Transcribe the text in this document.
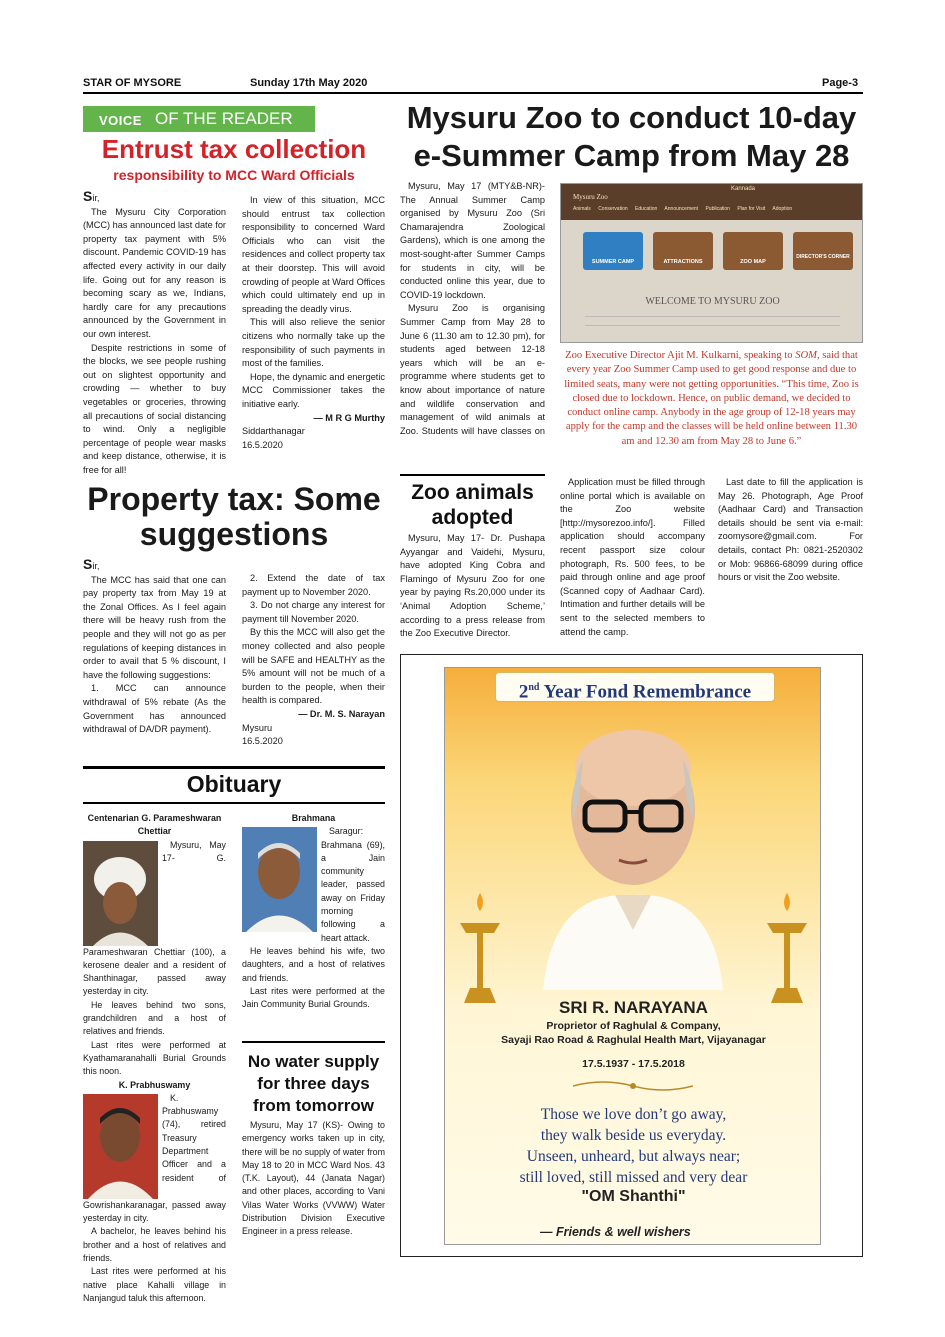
STAR OF MYSORE	Sunday 17th May 2020	Page-3
VOICE OF THE READER
Entrust tax collection
responsibility to MCC Ward Officials

Sir,

The Mysuru City Corporation (MCC) has announced last date for property tax payment with 5% discount. Pandemic COVID-19 has affected every activity in our daily life. Going out for any reason is becoming scary as we, Indians, hardly care for any precautions announced by the Government in our own interest.

Despite restrictions in some of the blocks, we see people rushing out on slightest opportunity and crowding — whether to buy vegetables or groceries, throwing all precautions of social distancing to wind. Only a negligible percentage of people wear masks and keep distance, otherwise, it is free for all!

In view of this situation, MCC should entrust tax collection responsibility to concerned Ward Officials who can visit the residences and collect property tax at their doorstep. This will avoid crowding of people at Ward Offices which could ultimately end up in spreading the deadly virus.

This will also relieve the senior citizens who normally take up the responsibility of such payments in most of the families.

Hope, the dynamic and energetic MCC Commissioner takes the initiative early.

— M R G Murthy

Siddarthanagar

16.5.2020

Property tax: Some
suggestions

Sir,

The MCC has said that one can pay property tax from May 19 at the Zonal Offices. As I feel again there will be heavy rush from the people and they will not go as per regulations of keeping distances in order to avail that 5 % discount, I have the following suggestions:

1. MCC can announce withdrawal of 5% rebate (As the Government has announced withdrawal of DA/DR payment).

2. Extend the date of tax payment up to November 2020.

3. Do not charge any interest for payment till November 2020.

By this the MCC will also get the money collected and also people will be SAFE and HEALTHY as the 5% amount will not be much of a burden to the people, when their health is compared.

— Dr. M. S. Narayan

Mysuru

16.5.2020

Obituary

Centenarian G. Parameshwaran Chettiar

Mysuru, May 17- G. Parameshwaran Chettiar (100), a kerosene dealer and a resident of Shanthinagar, passed away yesterday in city.

He leaves behind two sons, grandchildren and a host of relatives and friends.

Last rites were performed at Kyathamaranahalli Burial Grounds this noon.

K. Prabhuswamy

K. Prabhuswamy (74), retired Treasury Department Officer and a resident of Gowrishankaranagar, passed away yesterday in city.

A bachelor, he leaves behind his brother and a host of relatives and friends.

Last rites were performed at his native place Kahalli village in Nanjangud taluk this afternoon.

Brahmana

Saragur: Brahmana (69), a Jain community leader, passed away on Friday morning following a heart attack.

He leaves behind his wife, two daughters, and a host of relatives and friends.

Last rites were performed at the Jain Community Burial Grounds.

No water supply for three days from tomorrow

Mysuru, May 17 (KS)- Owing to emergency works taken up in city, there will be no supply of water from May 18 to 20 in MCC Ward Nos. 43 (T.K. Layout), 44 (Janata Nagar) and other places, according to Vani Vilas Water Works (VVWW) Water Distribution Division Executive Engineer in a press release.

Mysuru Zoo to conduct 10-day
e-Summer Camp from May 28

Mysuru, May 17 (MTY&B-NR)- The Annual Summer Camp organised by Mysuru Zoo (Sri Chamarajendra Zoological Gardens), which is one among the most-sought-after Summer Camps for students in city, will be conducted online this year, due to COVID-19 lockdown.

Mysuru Zoo is organising Summer Camp from May 28 to June 6 (11.30 am to 12.30 pm), for students aged between 12-18 years which will be an e-programme where students get to know about importance of nature and wildlife conservation and management of wild animals at Zoo. Students will have classes on

Mysuru Zoo
Kannada
Animals Conservation Education Announcement Publication Plan for Visit Adoption
SUMMER CAMP	ATTRACTIONS	ZOO MAP
DIRECTOR'S CORNER
WELCOME TO MYSURU ZOO
Zoo Executive Director Ajit M. Kulkarni, speaking to SOM, said that every year Zoo Summer Camp used to get good response and due to limited seats, many were not getting opportunities. “This time, Zoo is closed due to lockdown. Hence, on public demand, we decided to conduct online camp. Anybody in the age group of 12-18 years may apply for the camp and the classes will be held online between 11.30 am and 12.30 am from May 28 to June 6.”
Zoo animals
adopted

Mysuru, May 17- Dr. Pushapa Ayyangar and Vaidehi, Mysuru, have adopted King Cobra and Flamingo of Mysuru Zoo for one year by paying Rs.20,000 under its ‘Animal Adoption Scheme,’ according to a press release from the Zoo Executive Director.

Application must be filled through online portal which is available on the Zoo website [http://mysorezoo.info/]. Filled application should accompany recent passport size colour photograph, Rs. 500 fees, to be paid through online and age proof (Scanned copy of Aadhaar Card). Intimation and further details will be sent to the selected members to attend the camp.

Last date to fill the application is May 26. Photograph, Age Proof (Aadhaar Card) and Transaction details should be sent via e-mail: zoomysore@gmail.com. For details, contact Ph: 0821-2520302 or Mob: 96866-68099 during office hours or visit the Zoo website.

2nd Year Fond Remembrance
SRI R. NARAYANA
Proprietor of Raghulal & Company,
Sayaji Rao Road & Raghulal Health Mart, Vijayanagar
17.5.1937 - 17.5.2018
Those we love don’t go away,
they walk beside us everyday.
Unseen, unheard, but always near;
still loved, still missed and very dear
"OM Shanthi"
— Friends & well wishers
